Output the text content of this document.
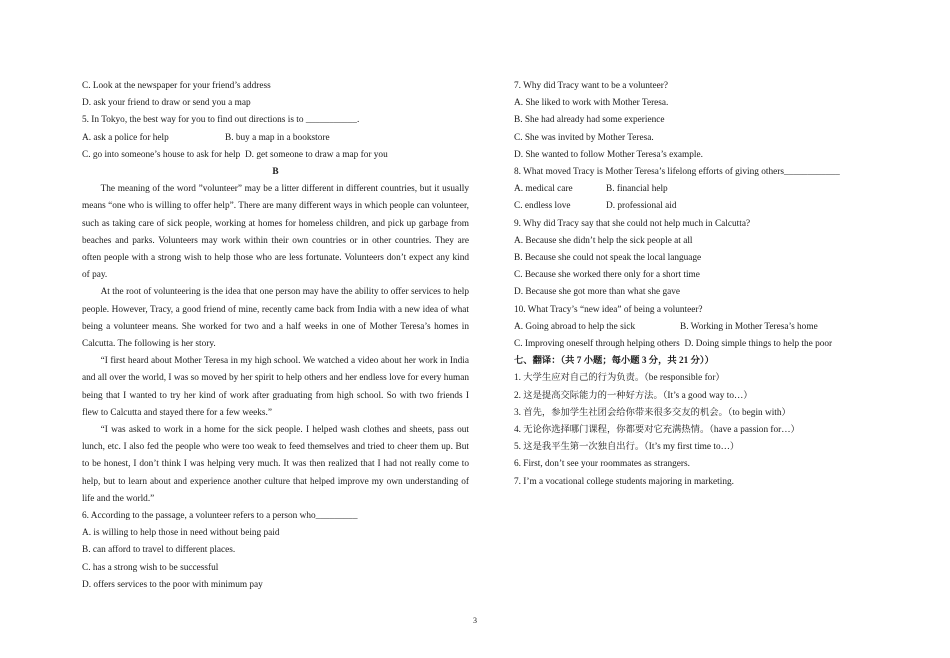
C. Look at the newspaper for your friend’s address
D. ask your friend to draw or send you a map
5. In Tokyo, the best way for you to find out directions is to ___________.
A. ask a police for help	B. buy a map in a bookstore
C. go into someone’s house to ask for help D. get someone to draw a map for you
B

The meaning of the word ”volunteer” may be a litter different in different countries, but it usually means “one who is willing to offer help”. There are many different ways in which people can volunteer, such as taking care of sick people, working at homes for homeless children, and pick up garbage from beaches and parks. Volunteers may work within their own countries or in other countries. They are often people with a strong wish to help those who are less fortunate. Volunteers don’t expect any kind of pay.

At the root of volunteering is the idea that one person may have the ability to offer services to help people. However, Tracy, a good friend of mine, recently came back from India with a new idea of what being a volunteer means. She worked for two and a half weeks in one of Mother Teresa’s homes in Calcutta. The following is her story.

“I first heard about Mother Teresa in my high school. We watched a video about her work in India and all over the world, I was so moved by her spirit to help others and her endless love for every human being that I wanted to try her kind of work after graduating from high school. So with two friends I flew to Calcutta and stayed there for a few weeks.”

“I was asked to work in a home for the sick people. I helped wash clothes and sheets, pass out lunch, etc. I also fed the people who were too weak to feed themselves and tried to cheer them up. But to be honest, I don’t think I was helping very much. It was then realized that I had not really come to help, but to learn about and experience another culture that helped improve my own understanding of life and the world.”

6. According to the passage, a volunteer refers to a person who_________
A. is willing to help those in need without being paid
B. can afford to travel to different places.
C. has a strong wish to be successful
D. offers services to the poor with minimum pay
7. Why did Tracy want to be a volunteer?
A. She liked to work with Mother Teresa.
B. She had already had some experience
C. She was invited by Mother Teresa.
D. She wanted to follow Mother Teresa’s example.
8. What moved Tracy is Mother Teresa’s lifelong efforts of giving others____________
A. medical care	B. financial help
C. endless love	D. professional aid
9. Why did Tracy say that she could not help much in Calcutta?
A. Because she didn’t help the sick people at all
B. Because she could not speak the local language
C. Because she worked there only for a short time
D. Because she got more than what she gave
10. What Tracy’s “new idea” of being a volunteer?
A. Going abroad to help the sick	B. Working in Mother Teresa’s home
C. Improving oneself through helping others D. Doing simple things to help the poor
七、翻译：（共 7 小题；每小题 3 分，共 21 分））
1. 大学生应对自己的行为负责。（be responsible for）
2. 这是提高交际能力的一种好方法。（It’s a good way to…）
3. 首先，参加学生社团会给你带来很多交友的机会。（to begin with）
4. 无论你选择哪门课程，你都要对它充满热情。（have a passion for…）
5. 这是我平生第一次独自出行。（It’s my first time to…）
6. First, don’t see your roommates as strangers.
7. I’m a vocational college students majoring in marketing.
3
